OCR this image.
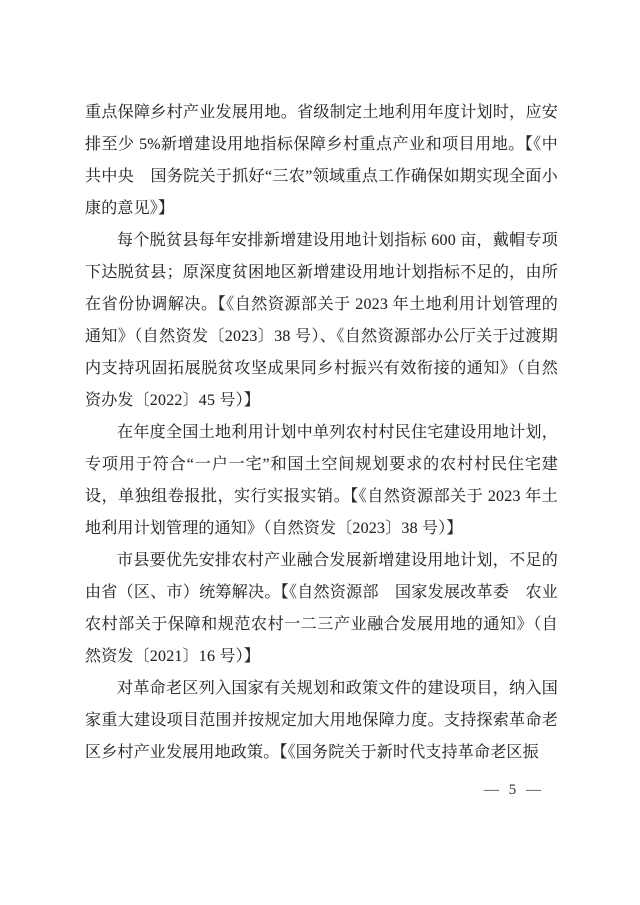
重点保障乡村产业发展用地。省级制定土地利用年度计划时，应安排至少 5%新增建设用地指标保障乡村重点产业和项目用地。【《中共中央　国务院关于抓好“三农”领域重点工作确保如期实现全面小康的意见》】

每个脱贫县每年安排新增建设用地计划指标 600 亩，戴帽专项下达脱贫县；原深度贫困地区新增建设用地计划指标不足的，由所在省份协调解决。【《自然资源部关于 2023 年土地利用计划管理的通知》（自然资发〔2023〕38 号）、《自然资源部办公厅关于过渡期内支持巩固拓展脱贫攻坚成果同乡村振兴有效衔接的通知》（自然资办发〔2022〕45 号）】

在年度全国土地利用计划中单列农村村民住宅建设用地计划，专项用于符合“一户一宅”和国土空间规划要求的农村村民住宅建设，单独组卷报批，实行实报实销。【《自然资源部关于 2023 年土地利用计划管理的通知》（自然资发〔2023〕38 号）】

市县要优先安排农村产业融合发展新增建设用地计划，不足的由省（区、市）统筹解决。【《自然资源部　国家发展改革委　农业农村部关于保障和规范农村一二三产业融合发展用地的通知》（自然资发〔2021〕16 号）】

对革命老区列入国家有关规划和政策文件的建设项目，纳入国家重大建设项目范围并按规定加大用地保障力度。支持探索革命老区乡村产业发展用地政策。【《国务院关于新时代支持革命老区振

— 5 —
